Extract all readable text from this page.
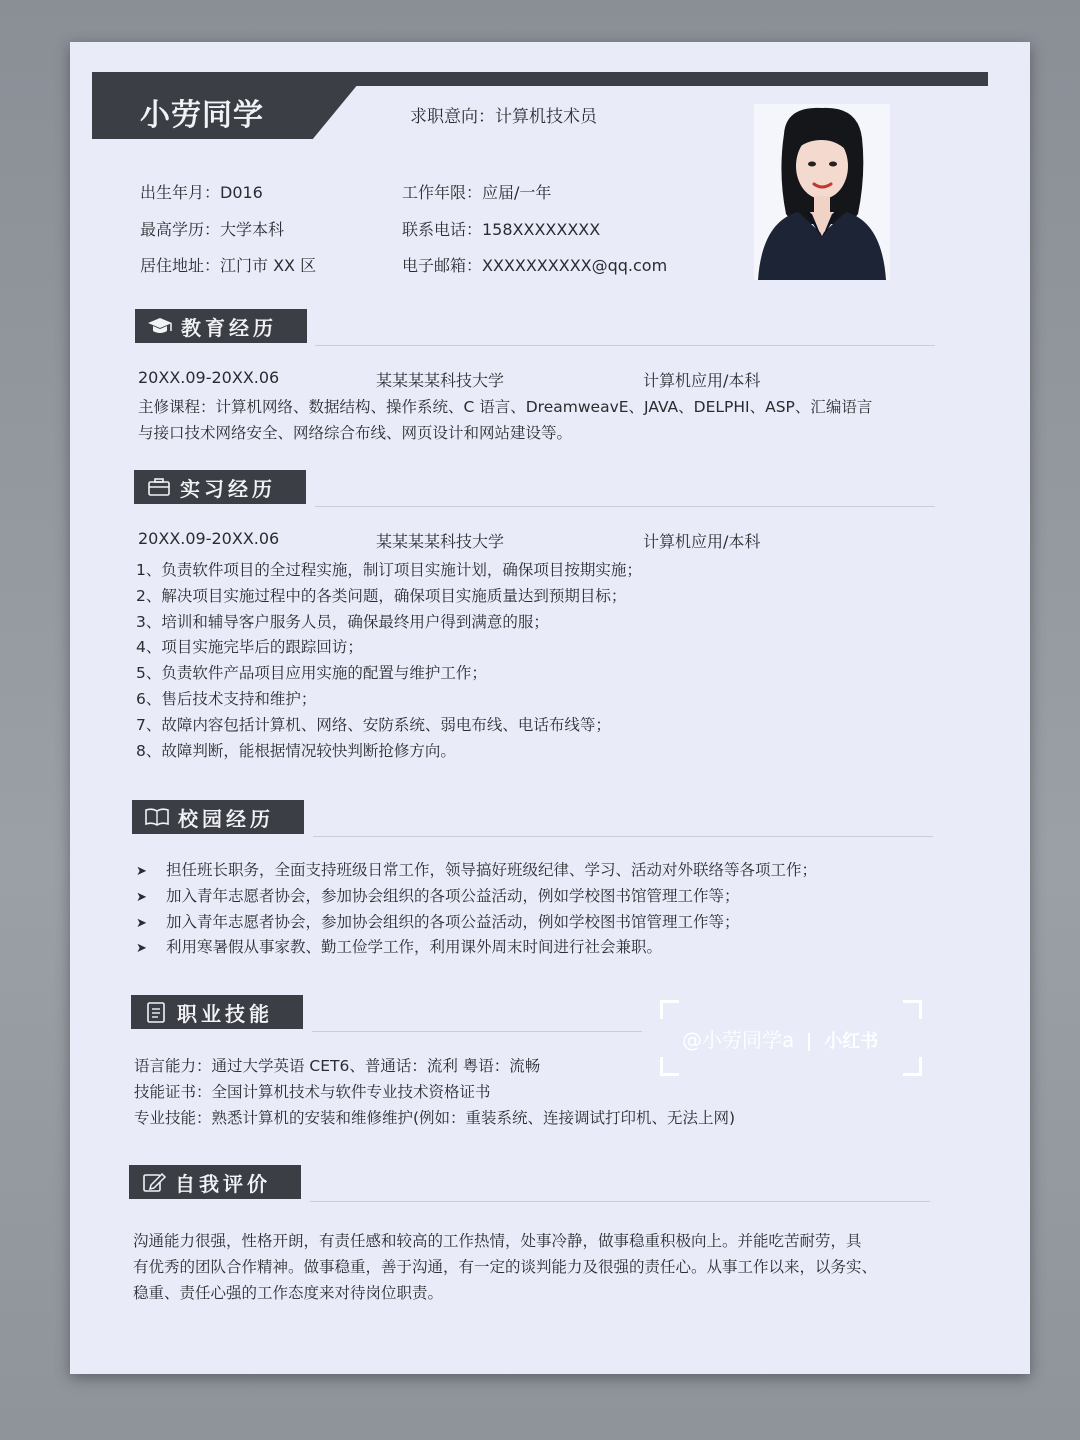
小劳同学	求职意向：计算机技术员
出生年月：D016	工作年限：应届/一年
最高学历：大学本科	联系电话：158XXXXXXXX
居住地址：江门市 XX 区	电子邮箱：XXXXXXXXXX@qq.com
教育经历
20XX.09-20XX.06	某某某某科技大学	计算机应用/本科
主修课程：计算机网络、数据结构、操作系统、C 语言、DreamweavE、JAVA、DELPHI、ASP、汇编语言
与接口技术网络安全、网络综合布线、网页设计和网站建设等。
实习经历
20XX.09-20XX.06	某某某某科技大学	计算机应用/本科
1、负责软件项目的全过程实施，制订项目实施计划，确保项目按期实施；
2、解决项目实施过程中的各类问题，确保项目实施质量达到预期目标；
3、培训和辅导客户服务人员，确保最终用户得到满意的服；
4、项目实施完毕后的跟踪回访；
5、负责软件产品项目应用实施的配置与维护工作；
6、售后技术支持和维护；
7、故障内容包括计算机、网络、安防系统、弱电布线、电话布线等；
8、故障判断，能根据情况较快判断抢修方向。
校园经历
➤ 担任班长职务，全面支持班级日常工作，领导搞好班级纪律、学习、活动对外联络等各项工作；
➤ 加入青年志愿者协会，参加协会组织的各项公益活动，例如学校图书馆管理工作等；
➤ 加入青年志愿者协会，参加协会组织的各项公益活动，例如学校图书馆管理工作等；
➤ 利用寒暑假从事家教、勤工俭学工作，利用课外周末时间进行社会兼职。
职业技能
语言能力：通过大学英语 CET6、普通话：流利 粤语：流畅
技能证书：全国计算机技术与软件专业技术资格证书
专业技能：熟悉计算机的安装和维修维护(例如：重装系统、连接调试打印机、无法上网)
自我评价
沟通能力很强，性格开朗，有责任感和较高的工作热情，处事冷静，做事稳重积极向上。并能吃苦耐劳，具
有优秀的团队合作精神。做事稳重，善于沟通，有一定的谈判能力及很强的责任心。从事工作以来，以务实、
稳重、责任心强的工作态度来对待岗位职责。
@小劳同学a 小红书
